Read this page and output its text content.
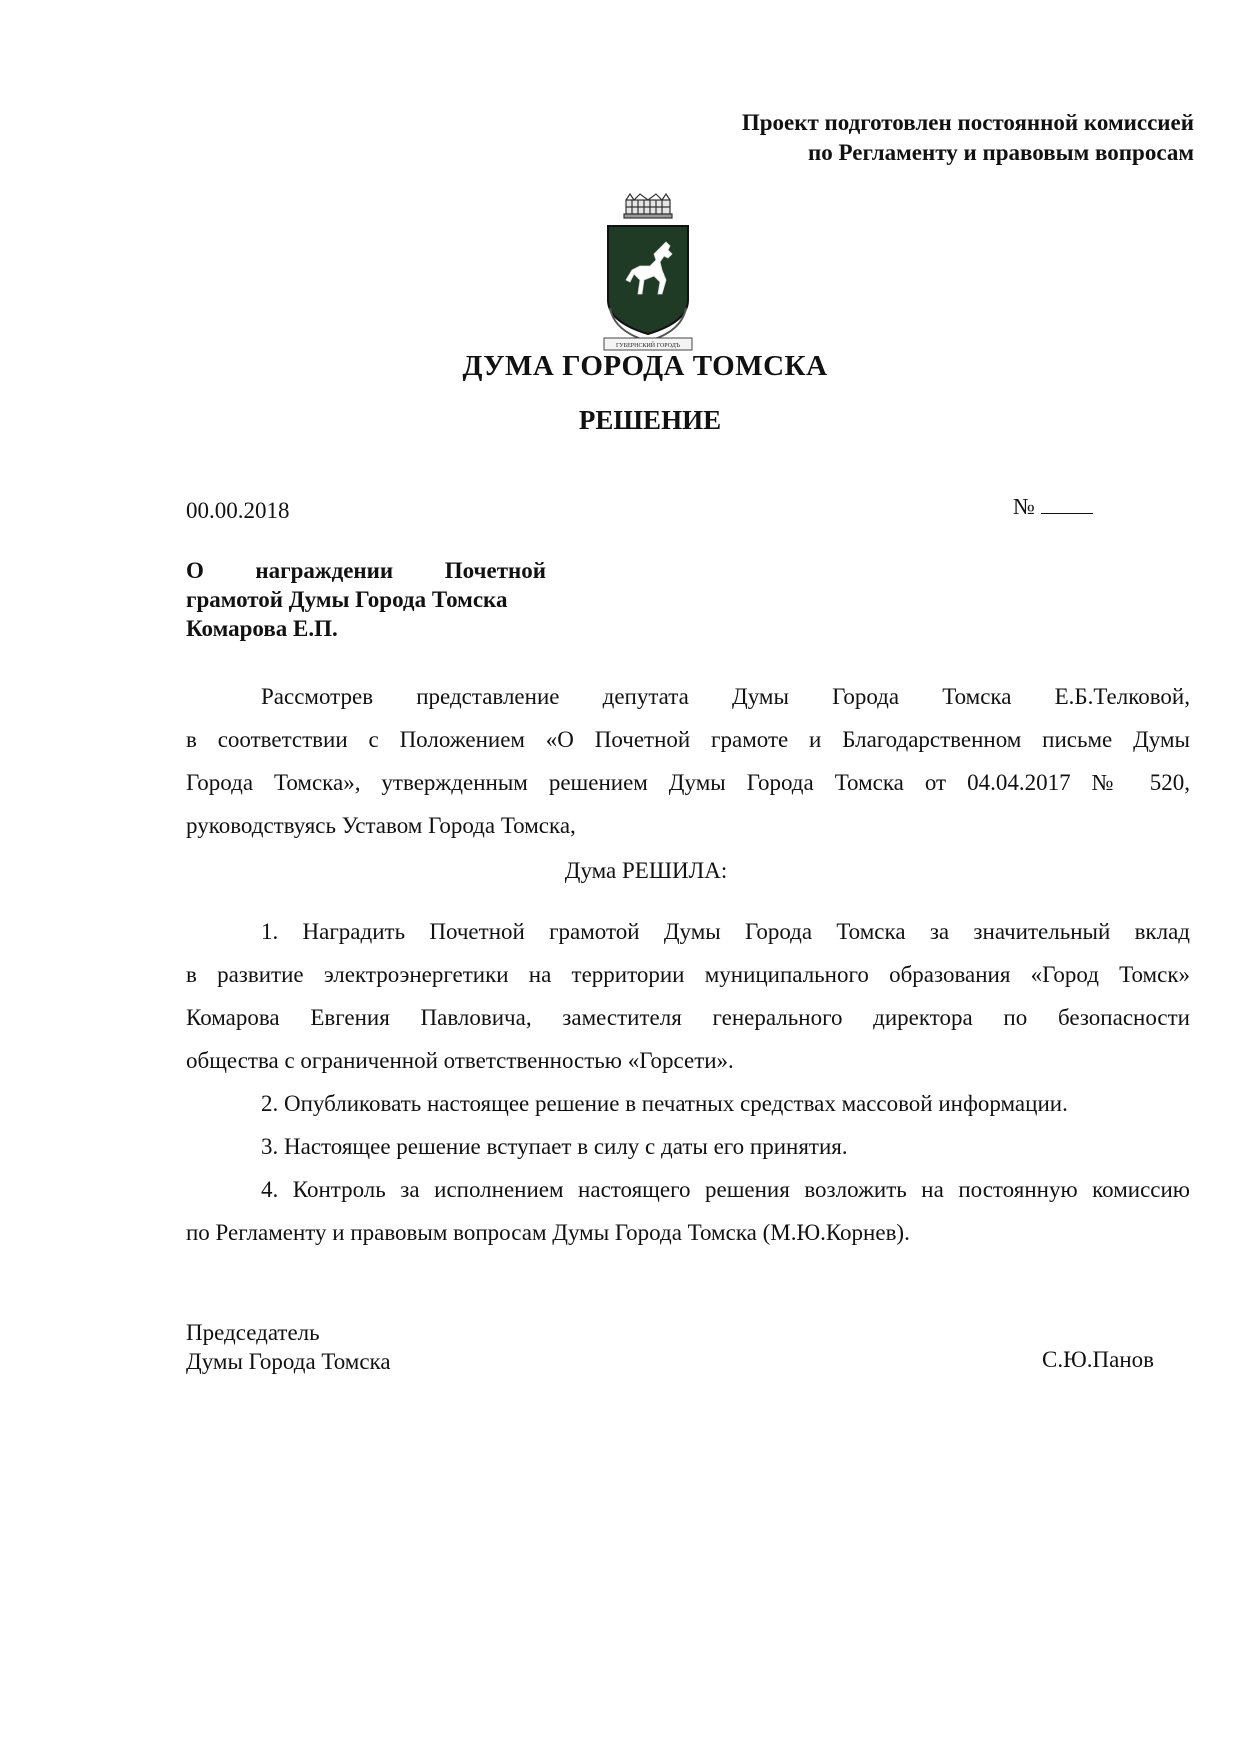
Проект подготовлен постоянной комиссией
по Регламенту и правовым вопросам
ГУБЕРНСКИЙ ГОРОДЪ
ДУМА ГОРОДА ТОМСКА
РЕШЕНИЕ
00.00.2018	№
О награждении Почетной
грамотой Думы Города Томска
Комарова Е.П.
Рассмотрев представление депутата Думы Города Томска Е.Б.Телковой,
в соответствии с Положением «О Почетной грамоте и Благодарственном письме Думы
Города Томска», утвержденным решением Думы Города Томска от 04.04.2017 № 520,
руководствуясь Уставом Города Томска,
Дума РЕШИЛА:
1. Наградить Почетной грамотой Думы Города Томска за значительный вклад
в развитие электроэнергетики на территории муниципального образования «Город Томск»
Комарова Евгения Павловича, заместителя генерального директора по безопасности
общества с ограниченной ответственностью «Горсети».
2. Опубликовать настоящее решение в печатных средствах массовой информации.
3. Настоящее решение вступает в силу с даты его принятия.
4. Контроль за исполнением настоящего решения возложить на постоянную комиссию
по Регламенту и правовым вопросам Думы Города Томска (М.Ю.Корнев).
Председатель
Думы Города Томска	С.Ю.Панов
